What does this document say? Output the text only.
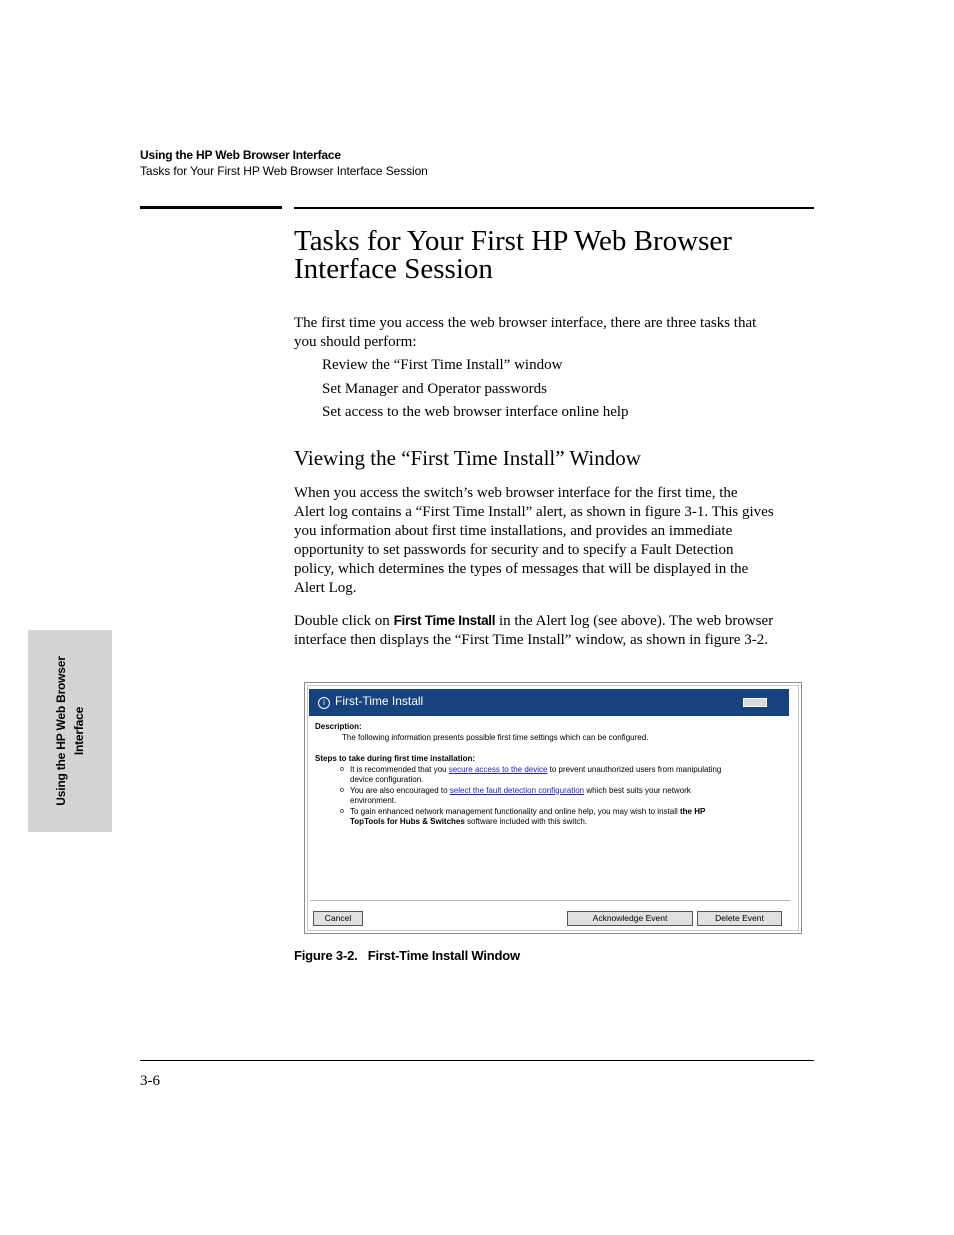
Using the HP Web Browser Interface
Tasks for Your First HP Web Browser Interface Session
Tasks for Your First HP Web Browser
Interface Session

The first time you access the web browser interface, there are three tasks that
you should perform:

Review the “First Time Install” window
Set Manager and Operator passwords
Set access to the web browser interface online help
Viewing the “First Time Install” Window

When you access the switch’s web browser interface for the first time, the
Alert log contains a “First Time Install” alert, as shown in figure 3-1. This gives
you information about first time installations, and provides an immediate
opportunity to set passwords for security and to specify a Fault Detection
policy, which determines the types of messages that will be displayed in the
Alert Log.

Double click on First Time Install in the Alert log (see above). The web browser
interface then displays the “First Time Install” window, as shown in figure 3-2.

Using the HP Web Browser Interface
i First-Time Install
Description:
The following information presents possible first time settings which can be configured.
Steps to take during first time installation:
o It is recommended that you secure access to the device to prevent unauthorized users from manipulating
device configuration.
o You are also encouraged to select the fault detection configuration which best suits your network
environment.
o To gain enhanced network management functionality and online help, you may wish to install the HP
TopTools for Hubs & Switches software included with this switch.
Cancel	Acknowledge Event	Delete Event
Figure 3-2. First-Time Install Window
3-6
